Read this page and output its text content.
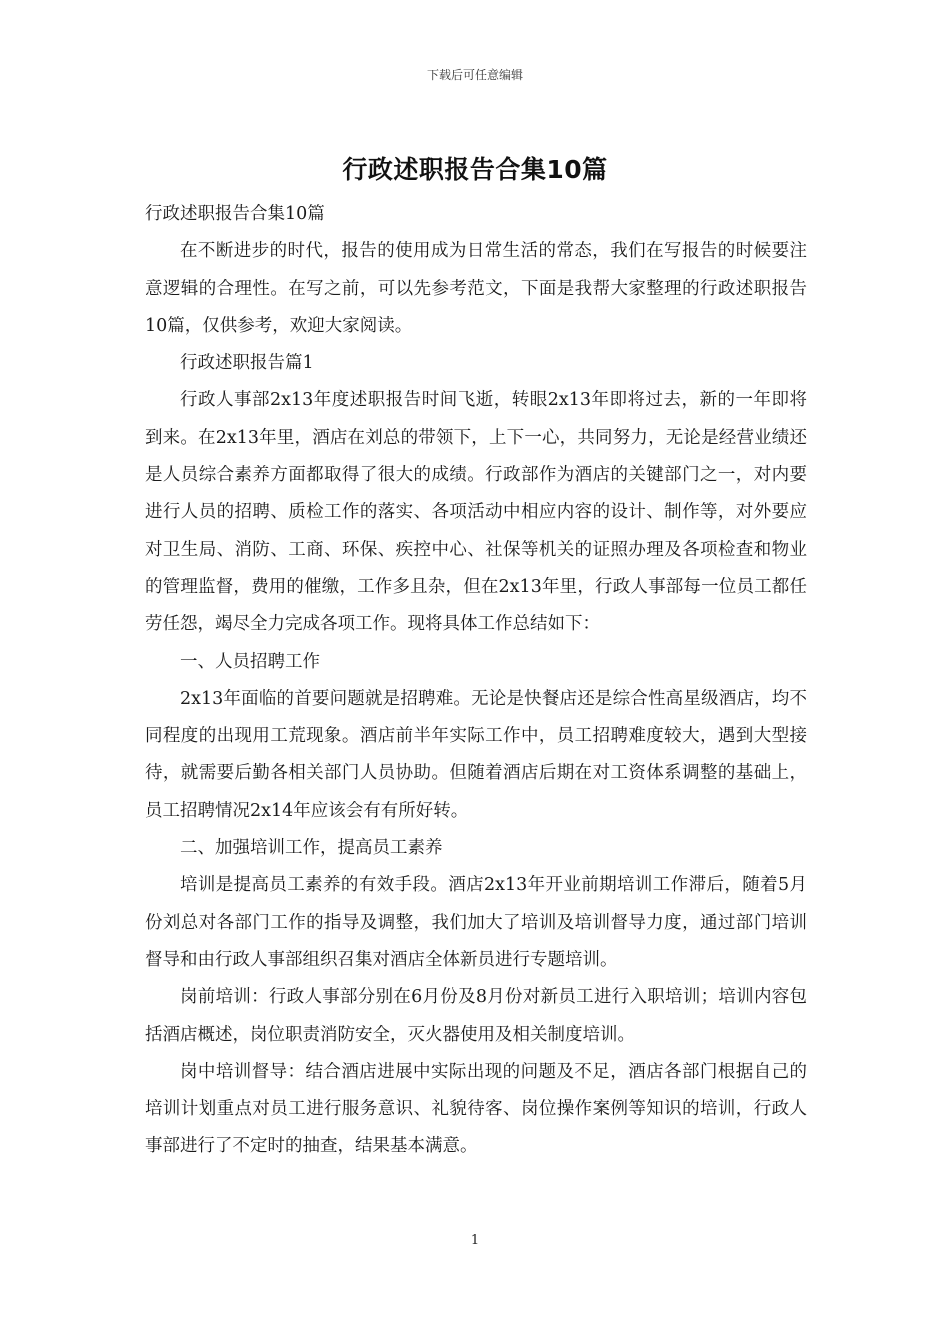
下载后可任意编辑
行政述职报告合集10篇

行政述职报告合集10篇

在不断进步的时代，报告的使用成为日常生活的常态，我们在写报告的时候要注意逻辑的合理性。在写之前，可以先参考范文，下面是我帮大家整理的行政述职报告10篇，仅供参考，欢迎大家阅读。

行政述职报告篇1

行政人事部2x13年度述职报告时间飞逝，转眼2x13年即将过去，新的一年即将到来。在2x13年里，酒店在刘总的带领下，上下一心，共同努力，无论是经营业绩还是人员综合素养方面都取得了很大的成绩。行政部作为酒店的关键部门之一，对内要进行人员的招聘、质检工作的落实、各项活动中相应内容的设计、制作等，对外要应对卫生局、消防、工商、环保、疾控中心、社保等机关的证照办理及各项检查和物业的管理监督，费用的催缴，工作多且杂，但在2x13年里，行政人事部每一位员工都任劳任怨，竭尽全力完成各项工作。现将具体工作总结如下：

一、人员招聘工作

2x13年面临的首要问题就是招聘难。无论是快餐店还是综合性高星级酒店，均不同程度的出现用工荒现象。酒店前半年实际工作中，员工招聘难度较大，遇到大型接待，就需要后勤各相关部门人员协助。但随着酒店后期在对工资体系调整的基础上，员工招聘情况2x14年应该会有有所好转。

二、加强培训工作，提高员工素养

培训是提高员工素养的有效手段。酒店2x13年开业前期培训工作滞后，随着5月份刘总对各部门工作的指导及调整，我们加大了培训及培训督导力度，通过部门培训督导和由行政人事部组织召集对酒店全体新员进行专题培训。

岗前培训：行政人事部分别在6月份及8月份对新员工进行入职培训；培训内容包括酒店概述，岗位职责消防安全，灭火器使用及相关制度培训。

岗中培训督导：结合酒店进展中实际出现的问题及不足，酒店各部门根据自己的培训计划重点对员工进行服务意识、礼貌待客、岗位操作案例等知识的培训，行政人事部进行了不定时的抽查，结果基本满意。

1
